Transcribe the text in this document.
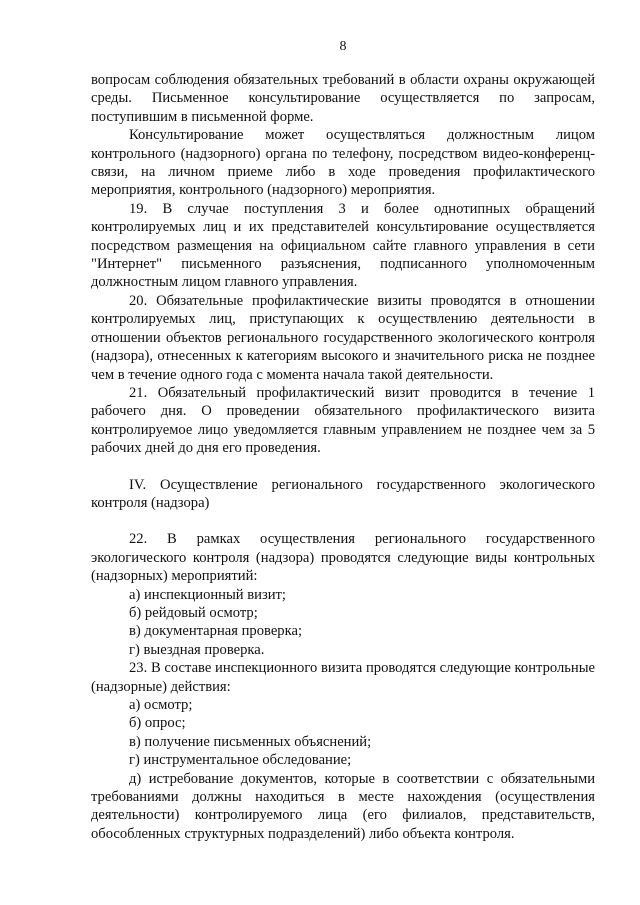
8

вопросам соблюдения обязательных требований в области охраны окружающей среды. Письменное консультирование осуществляется по запросам, поступившим в письменной форме.

Консультирование может осуществляться должностным лицом контрольного (надзорного) органа по телефону, посредством видео-конференц-связи, на личном приеме либо в ходе проведения профилактического мероприятия, контрольного (надзорного) мероприятия.

19. В случае поступления 3 и более однотипных обращений контролируемых лиц и их представителей консультирование осуществляется посредством размещения на официальном сайте главного управления в сети "Интернет" письменного разъяснения, подписанного уполномоченным должностным лицом главного управления.

20. Обязательные профилактические визиты проводятся в отношении контролируемых лиц, приступающих к осуществлению деятельности в отношении объектов регионального государственного экологического контроля (надзора), отнесенных к категориям высокого и значительного риска не позднее чем в течение одного года с момента начала такой деятельности.

21. Обязательный профилактический визит проводится в течение 1 рабочего дня. О проведении обязательного профилактического визита контролируемое лицо уведомляется главным управлением не позднее чем за 5 рабочих дней до дня его проведения.

IV. Осуществление регионального государственного экологического контроля (надзора)

22. В рамках осуществления регионального государственного экологического контроля (надзора) проводятся следующие виды контрольных (надзорных) мероприятий:

а) инспекционный визит;

б) рейдовый осмотр;

в) документарная проверка;

г) выездная проверка.

23. В составе инспекционного визита проводятся следующие контрольные (надзорные) действия:

а) осмотр;

б) опрос;

в) получение письменных объяснений;

г) инструментальное обследование;

д) истребование документов, которые в соответствии с обязательными требованиями должны находиться в месте нахождения (осуществления деятельности) контролируемого лица (его филиалов, представительств, обособленных структурных подразделений) либо объекта контроля.
